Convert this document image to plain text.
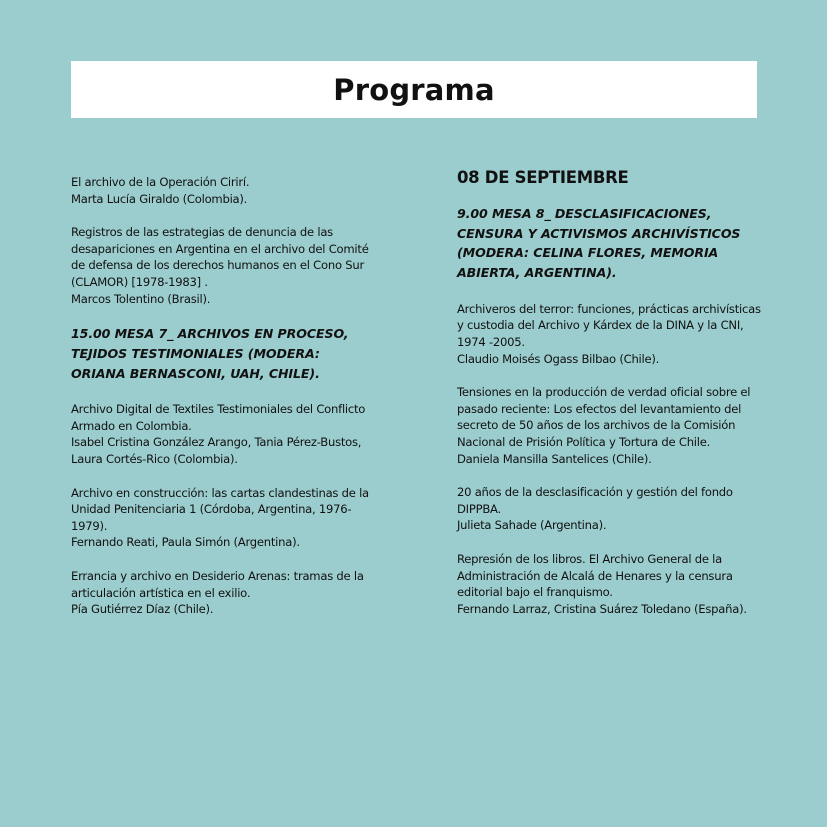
Programa

El archivo de la Operación Cirirí.

Marta Lucía Giraldo (Colombia).

Registros de las estrategias de denuncia de las desapariciones en Argentina en el archivo del Comité de defensa de los derechos humanos en el Cono Sur (CLAMOR) [1978-1983] .

Marcos Tolentino (Brasil).

15.00 MESA 7_ ARCHIVOS EN PROCESO, TEJIDOS TESTIMONIALES (MODERA: ORIANA BERNASCONI, UAH, CHILE).

Archivo Digital de Textiles Testimoniales del Conflicto Armado en Colombia.

Isabel Cristina González Arango, Tania Pérez-Bustos, Laura Cortés-Rico (Colombia).

Archivo en construcción: las cartas clandestinas de la Unidad Penitenciaria 1 (Córdoba, Argentina, 1976-1979).

Fernando Reati, Paula Simón (Argentina).

Errancia y archivo en Desiderio Arenas: tramas de la articulación artística en el exilio.

Pía Gutiérrez Díaz (Chile).

08 DE SEPTIEMBRE
9.00 MESA 8_ DESCLASIFICACIONES, CENSURA Y ACTIVISMOS ARCHIVÍSTICOS (MODERA: CELINA FLORES, MEMORIA ABIERTA, ARGENTINA).

Archiveros del terror: funciones, prácticas archivísticas y custodia del Archivo y Kárdex de la DINA y la CNI, 1974 -2005.

Claudio Moisés Ogass Bilbao (Chile).

Tensiones en la producción de verdad oficial sobre el pasado reciente: Los efectos del levantamiento del secreto de 50 años de los archivos de la Comisión Nacional de Prisión Política y Tortura de Chile.

Daniela Mansilla Santelices (Chile).

20 años de la desclasificación y gestión del fondo DIPPBA.

Julieta Sahade (Argentina).

Represión de los libros. El Archivo General de la Administración de Alcalá de Henares y la censura editorial bajo el franquismo.

Fernando Larraz, Cristina Suárez Toledano (España).
